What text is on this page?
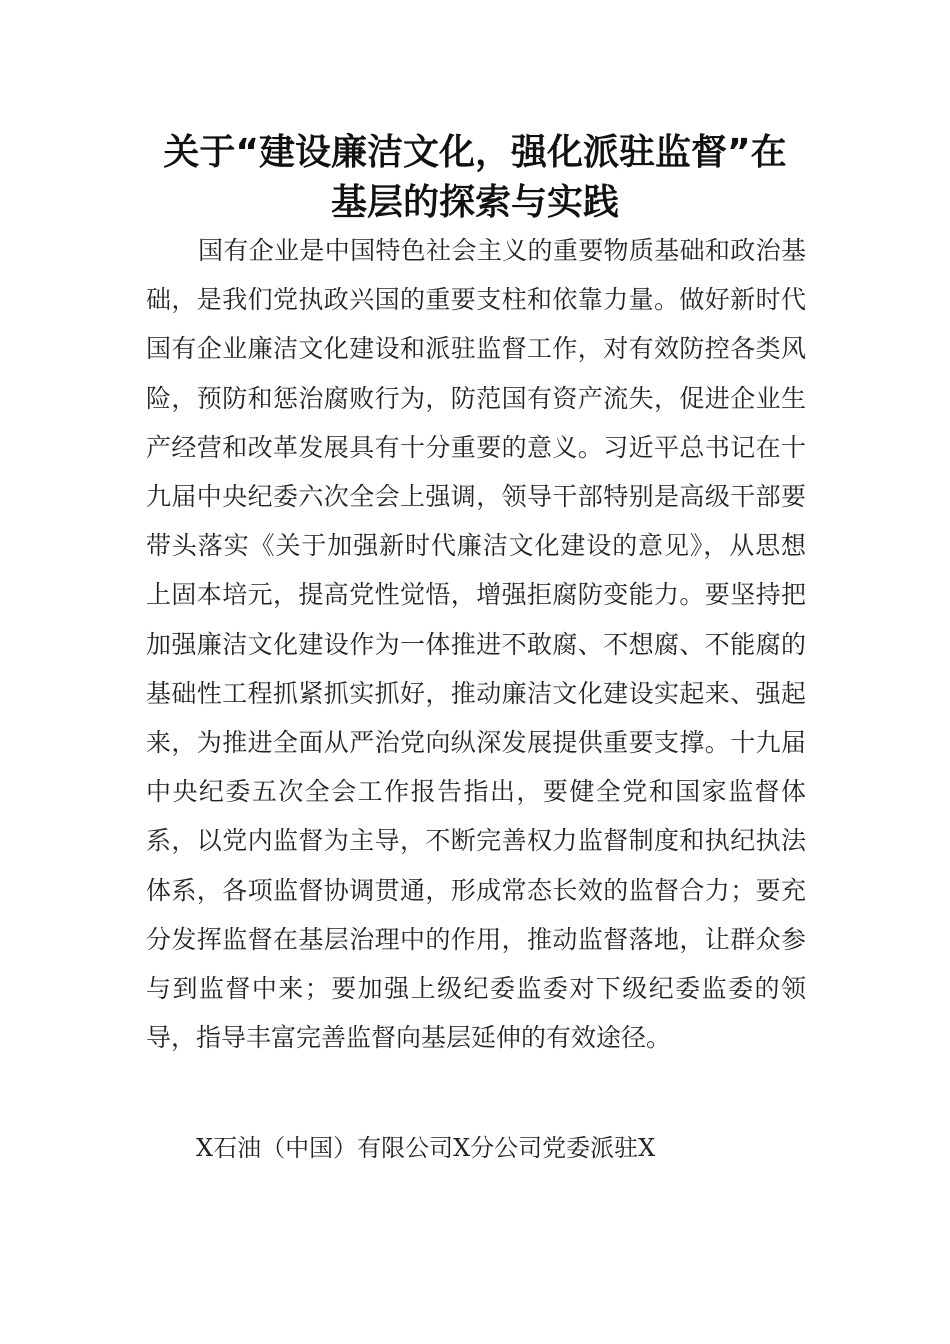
关于“建设廉洁文化，强化派驻监督”在
基层的探索与实践

国有企业是中国特色社会主义的重要物质基础和政治基础，是我们党执政兴国的重要支柱和依靠力量。做好新时代国有企业廉洁文化建设和派驻监督工作，对有效防控各类风险，预防和惩治腐败行为，防范国有资产流失，促进企业生产经营和改革发展具有十分重要的意义。习近平总书记在十九届中央纪委六次全会上强调，领导干部特别是高级干部要带头落实《关于加强新时代廉洁文化建设的意见》，从思想上固本培元，提高党性觉悟，增强拒腐防变能力。要坚持把加强廉洁文化建设作为一体推进不敢腐、不想腐、不能腐的基础性工程抓紧抓实抓好，推动廉洁文化建设实起来、强起来，为推进全面从严治党向纵深发展提供重要支撑。十九届中央纪委五次全会工作报告指出，要健全党和国家监督体系，以党内监督为主导，不断完善权力监督制度和执纪执法体系，各项监督协调贯通，形成常态长效的监督合力；要充分发挥监督在基层治理中的作用，推动监督落地，让群众参与到监督中来；要加强上级纪委监委对下级纪委监委的领导，指导丰富完善监督向基层延伸的有效途径。

X石油（中国）有限公司X分公司党委派驻X
